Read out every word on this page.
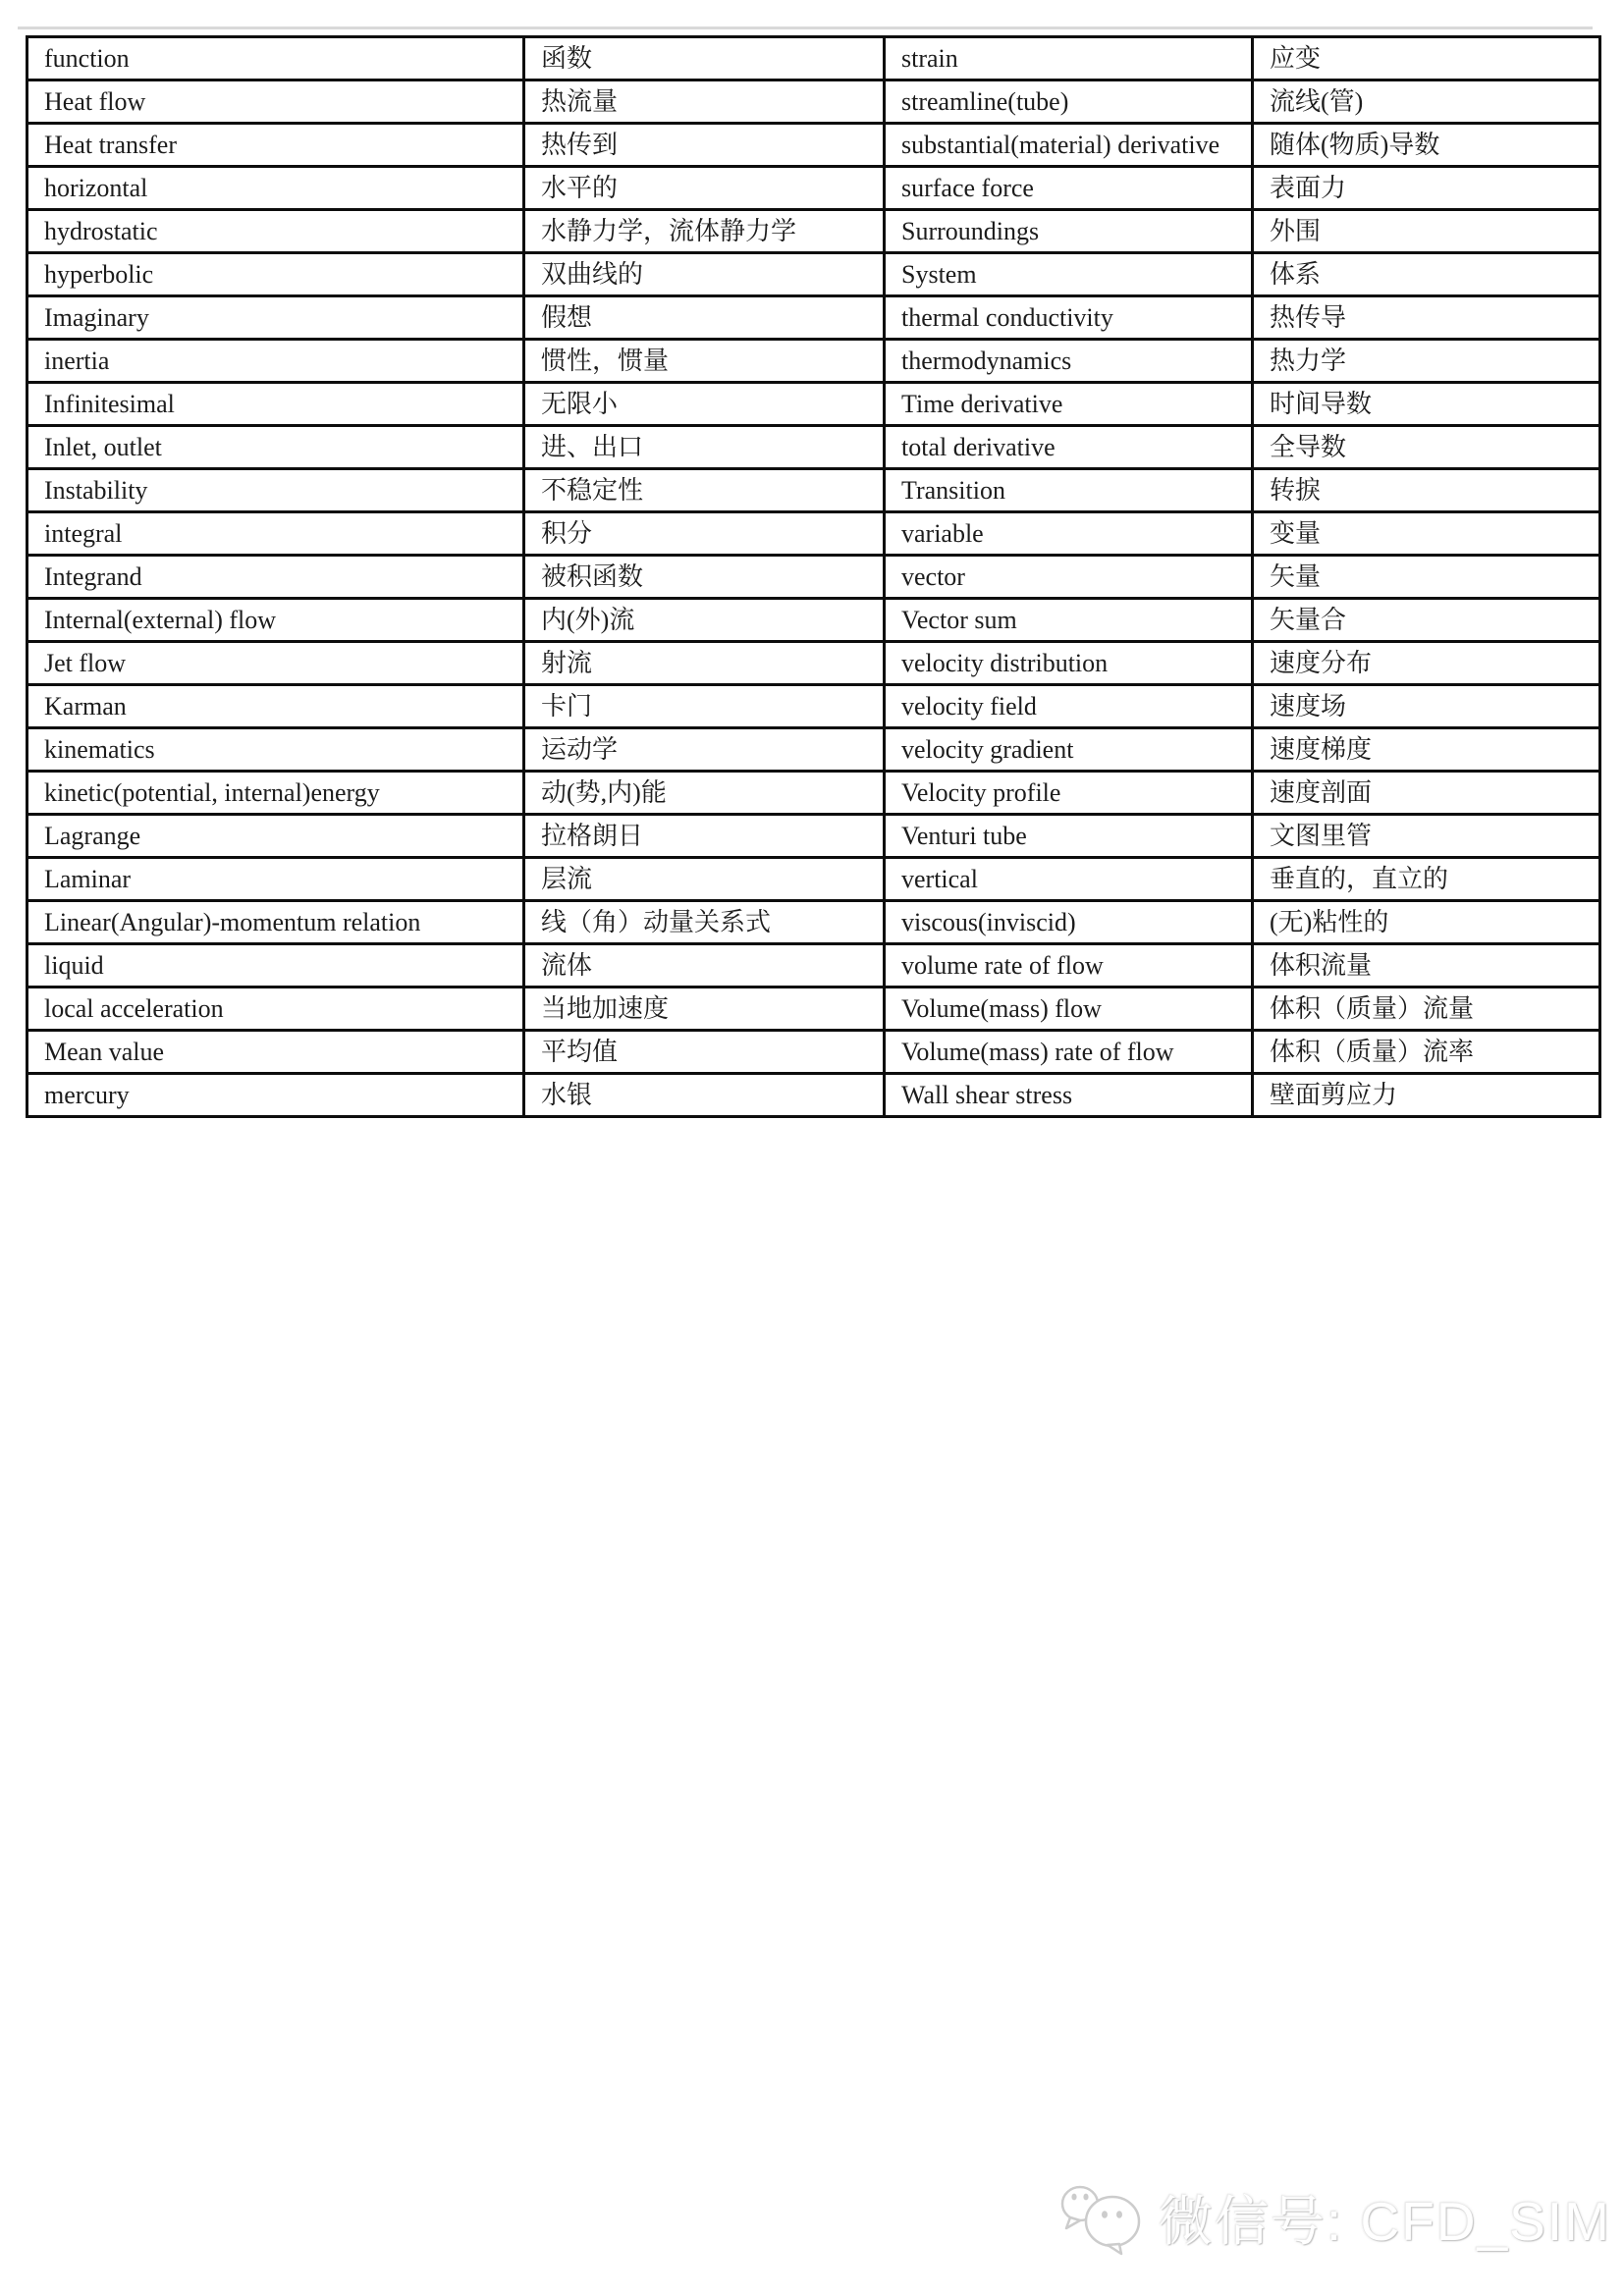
function	函数	strain	应变
Heat flow	热流量	streamline(tube)	流线(管)
Heat transfer	热传到	substantial(material) derivative	随体(物质)导数
horizontal	水平的	surface force	表面力
hydrostatic	水静力学，流体静力学	Surroundings	外围
hyperbolic	双曲线的	System	体系
Imaginary	假想	thermal conductivity	热传导
inertia	惯性，惯量	thermodynamics	热力学
Infinitesimal	无限小	Time derivative	时间导数
Inlet, outlet	进、出口	total derivative	全导数
Instability	不稳定性	Transition	转捩
integral	积分	variable	变量
Integrand	被积函数	vector	矢量
Internal(external) flow	内(外)流	Vector sum	矢量合
Jet flow	射流	velocity distribution	速度分布
Karman	卡门	velocity field	速度场
kinematics	运动学	velocity gradient	速度梯度
kinetic(potential, internal)energy	动(势,内)能	Velocity profile	速度剖面
Lagrange	拉格朗日	Venturi tube	文图里管
Laminar	层流	vertical	垂直的，直立的
Linear(Angular)-momentum relation	线（角）动量关系式	viscous(inviscid)	(无)粘性的
liquid	流体	volume rate of flow	体积流量
local acceleration	当地加速度	Volume(mass) flow	体积（质量）流量
Mean value	平均值	Volume(mass) rate of flow	体积（质量）流率
mercury	水银	Wall shear stress	壁面剪应力
微信号: CFD_SIM
